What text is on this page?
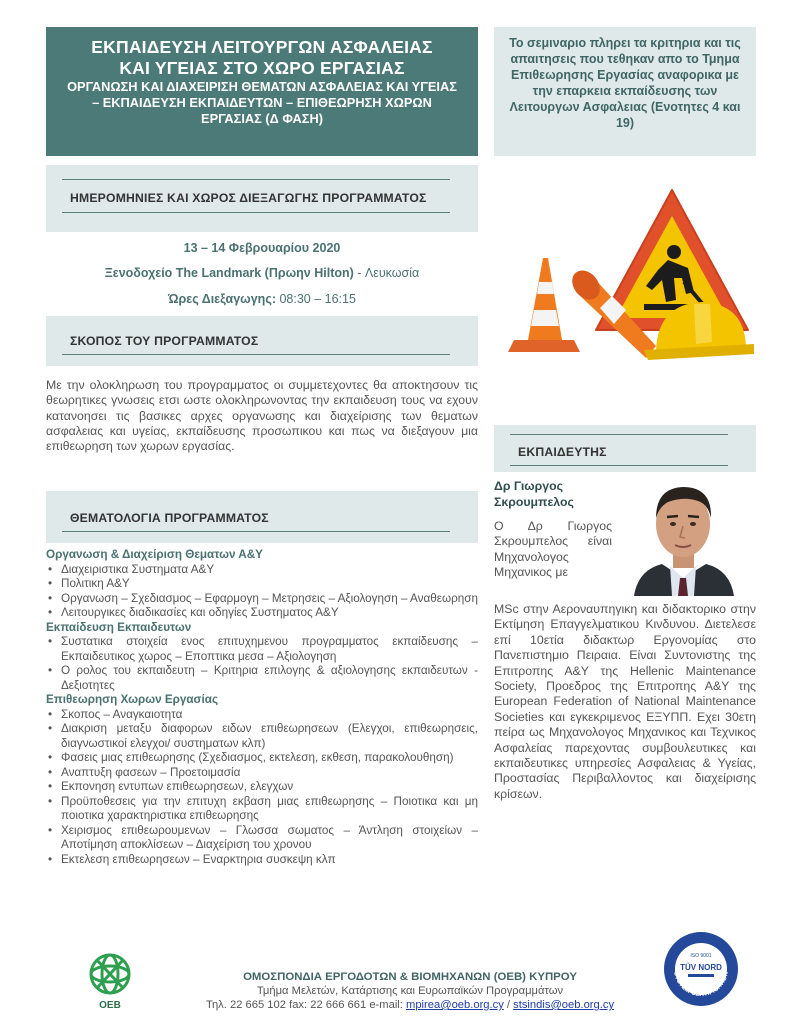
ΕΚΠΑΙΔΕΥΣΗ ΛΕΙΤΟΥΡΓΩΝ ΑΣΦΑΛΕΙΑΣ
ΚΑΙ ΥΓΕΙΑΣ ΣΤΟ ΧΩΡΟ ΕΡΓΑΣΙΑΣ
ΟΡΓΑΝΩΣΗ ΚΑΙ ΔΙΑΧΕΙΡΙΣΗ ΘΕΜΑΤΩΝ ΑΣΦΑΛΕΙΑΣ ΚΑΙ ΥΓΕΙΑΣ – ΕΚΠΑΙΔΕΥΣΗ ΕΚΠΑΙΔΕΥΤΩΝ – ΕΠΙΘΕΩΡΗΣΗ ΧΩΡΩΝ ΕΡΓΑΣΙΑΣ (Δ ΦΑΣΗ)
Το σεμιναριο πληρει τα κριτηρια και τις απαιτησεις που τεθηκαν απο το Τμημα Επιθεωρησης Εργασίας αναφορικα με την επαρκεια εκπαίδευσης των Λειτουργων Ασφαλειας (Ενοτητες 4 και 19)
ΗΜΕΡΟΜΗΝΙΕΣ ΚΑΙ ΧΩΡΟΣ ΔΙΕΞΑΓΩΓΗΣ ΠΡΟΓΡΑΜΜΑΤΟΣ
13 – 14 Φεβρουαρίου 2020
Ξενοδοχείο The Landmark (Πρωην Hilton) - Λευκωσία
Ώρες Διεξαγωγης: 08:30 – 16:15
ΣΚΟΠΟΣ ΤΟΥ ΠΡΟΓΡΑΜΜΑΤΟΣ
Με την ολοκληρωση του προγραμματος οι συμμετεχοντες θα αποκτησουν τις θεωρητικες γνωσεις ετσι ωστε ολοκληρωνοντας την εκπαιδευση τους να εχουν κατανοησει τις βασικες αρχες οργανωσης και διαχείρισης των θεματων ασφαλειας και υγείας, εκπαίδευσης προσωπικου και πως να διεξαγουν μια επιθεωρηση των χωρων εργασίας.
ΘΕΜΑΤΟΛΟΓΙΑ ΠΡΟΓΡΑΜΜΑΤΟΣ
Οργανωση & Διαχείριση Θεματων Α&Υ
• Διαχειριστικα Συστηματα Α&Υ
• Πολιτικη Α&Υ
• Οργανωση – Σχεδιασμος – Εφαρμογη – Μετρησεις – Αξιολογηση – Αναθεωρηση
• Λειτουργικες διαδικασίες και οδηγίες Συστηματος Α&Υ
Εκπαίδευση Εκπαιδευτων
• Συστατικα στοιχεία ενος επιτυχημενου προγραμματος εκπαίδευσης – Εκπαιδευτικος χωρος – Εποπτικα μεσα – Αξιολογηση
• Ο ρολος του εκπαιδευτη – Κριτηρια επιλογης & αξιολογησης εκπαιδευτων - Δεξιοτητες
Επιθεωρηση Χωρων Εργασίας
• Σκοπος – Αναγκαιοτητα
• Διακριση μεταξυ διαφορων ειδων επιθεωρησεων (Ελεγχοι, επιθεωρησεις, διαγνωστικοί ελεγχοι/ συστηματων κλπ)
• Φασεις μιας επιθεωρησης (Σχεδιασμος, εκτελεση, εκθεση, παρακολουθηση)
• Αναπτυξη φασεων – Προετοιμασία
• Εκπονηση εντυπων επιθεωρησεων, ελεγχων
• Προϋποθεσεις για την επιτυχη εκβαση μιας επιθεωρησης – Ποιοτικα και μη ποιοτικα χαρακτηριστικα επιθεωρησης
• Χειρισμος επιθεωρουμενων – Γλωσσα σωματος – Άντληση στοιχείων – Αποτίμηση αποκλίσεων – Διαχείριση του χρονου
• Εκτελεση επιθεωρησεων – Εναρκτηρια συσκεψη κλπ
ΕΚΠΑΙΔΕΥΤΗΣ
Δρ Γιωργος
Σκρουμπελος
Ο Δρ Γιωργος Σκρουμπελος είναι Μηχανολογος Μηχανικος με
MSc στην Αεροναυπηγικη και διδακτορικο στην Εκτίμηση Επαγγελματικου Κινδυνου. Διετελεσε επί 10ετία διδακτωρ Εργονομίας στο Πανεπιστημιο Πειραια. Είναι Συντονιστης της Επιτροπης Α&Υ της Hellenic Maintenance Society, Προεδρος της Επιτροπης Α&Υ της European Federation of National Maintenance Societies και εγκεκριμενος ΕΞΥΠΠ. Εχει 30ετη πείρα ως Μηχανολογος Μηχανικος και Τεχνικος Ασφαλείας παρεχοντας συμβουλευτικες και εκπαιδευτικες υπηρεσίες Ασφαλειας & Υγείας, Προστασίας Περιβαλλοντος και διαχείρισης κρίσεων.
OEB
ISO 9001
TÜV NORD
SYSTEM CERTIFICATION
ΟΜΟΣΠΟΝΔΙΑ ΕΡΓΟΔΟΤΩΝ & ΒΙΟΜΗΧΑΝΩΝ (ΟΕΒ) ΚΥΠΡΟΥ
Τμήμα Μελετών, Κατάρτισης και Ευρωπαϊκών Προγραμμάτων
Τηλ. 22 665 102 fax: 22 666 661 e-mail: mpirea@oeb.org.cy / stsindis@oeb.org.cy
